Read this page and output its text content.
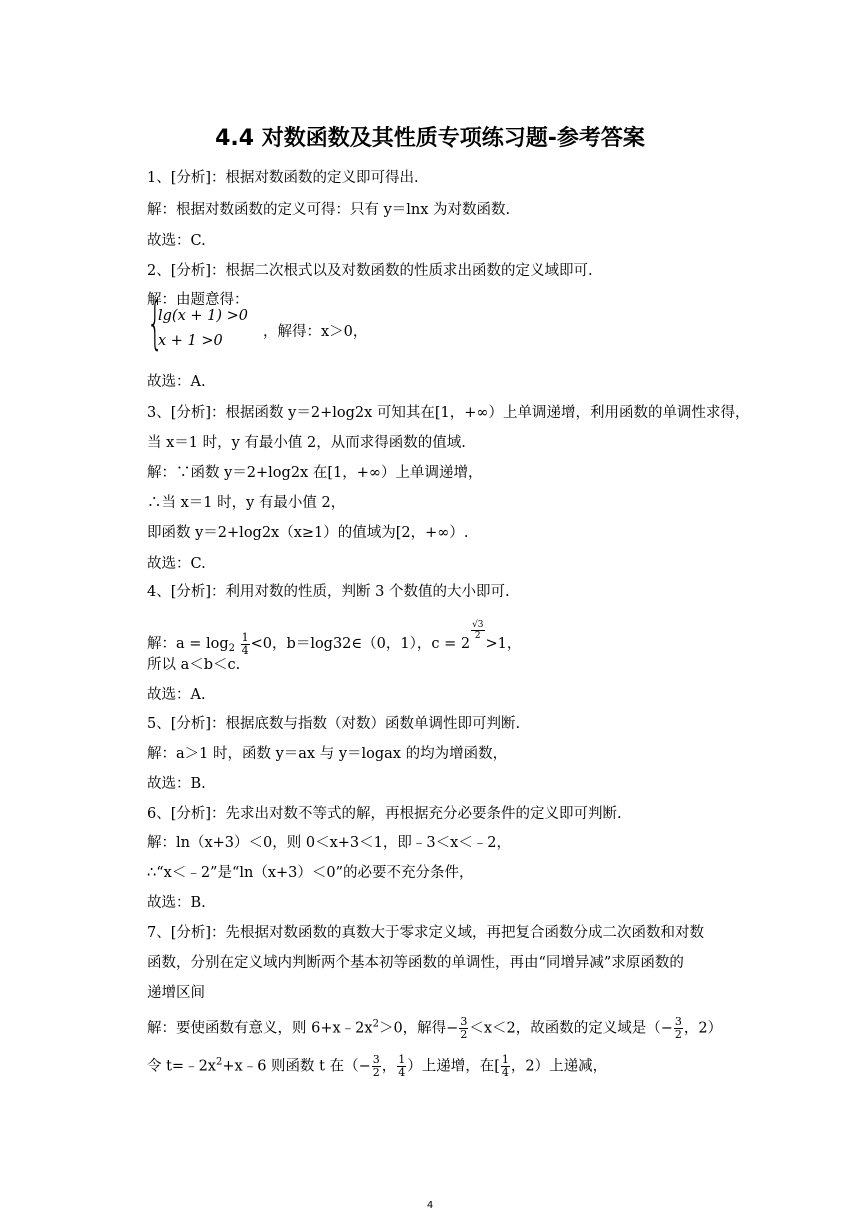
4.4 对数函数及其性质专项练习题-参考答案
1、[分析]：根据对数函数的定义即可得出.
解：根据对数函数的定义可得：只有 y＝lnx 为对数函数.
故选：C.
2、[分析]：根据二次根式以及对数函数的性质求出函数的定义域即可.
解：由题意得：
{
lg(x + 1) >0
x + 1 >0
，解得：x＞0，
故选：A.
3、[分析]：根据函数 y＝2+log2x 可知其在[1，+∞）上单调递增，利用函数的单调性求得，
当 x＝1 时，y 有最小值 2，从而求得函数的值域.
解：∵函数 y＝2+log2x 在[1，+∞）上单调递增，
∴当 x＝1 时，y 有最小值 2，
即函数 y＝2+log2x（x≥1）的值域为[2，+∞）.
故选：C.
4、[分析]：利用对数的性质，判断 3 个数值的大小即可.
解：$a = \log_2 \frac{1}{4} <0$，b＝log32∈（0，1），c = 2
$\frac{√3}{2}$
>1，
所以 a＜b＜c.
故选：A.
5、[分析]：根据底数与指数（对数）函数单调性即可判断.
解：a＞1 时，函数 y＝ax 与 y＝logax 的均为增函数，
故选：B.
6、[分析]：先求出对数不等式的解，再根据充分必要条件的定义即可判断.
解：ln（x+3）＜0，则 0＜x+3＜1，即﹣3＜x＜﹣2，
∴“x＜﹣2”是“ln（x+3）＜0”的必要不充分条件，
故选：B.
7、[分析]：先根据对数函数的真数大于零求定义域，再把复合函数分成二次函数和对数
函数，分别在定义域内判断两个基本初等函数的单调性，再由“同增异减”求原函数的
递增区间
解：要使函数有意义，则 $6+x﹣2x^2>0$，解得− $\frac{3}{2} <x<2$，故函数的定义域是（− $\frac{3}{2}$ ，2）
令 $t=﹣2x^2+x﹣6$ 则函数 t 在（− $\frac{3}{2}$ ， $\frac{1}{4}$ ）上递增，在[ $\frac{1}{4}$ ，2）上递减，
4
